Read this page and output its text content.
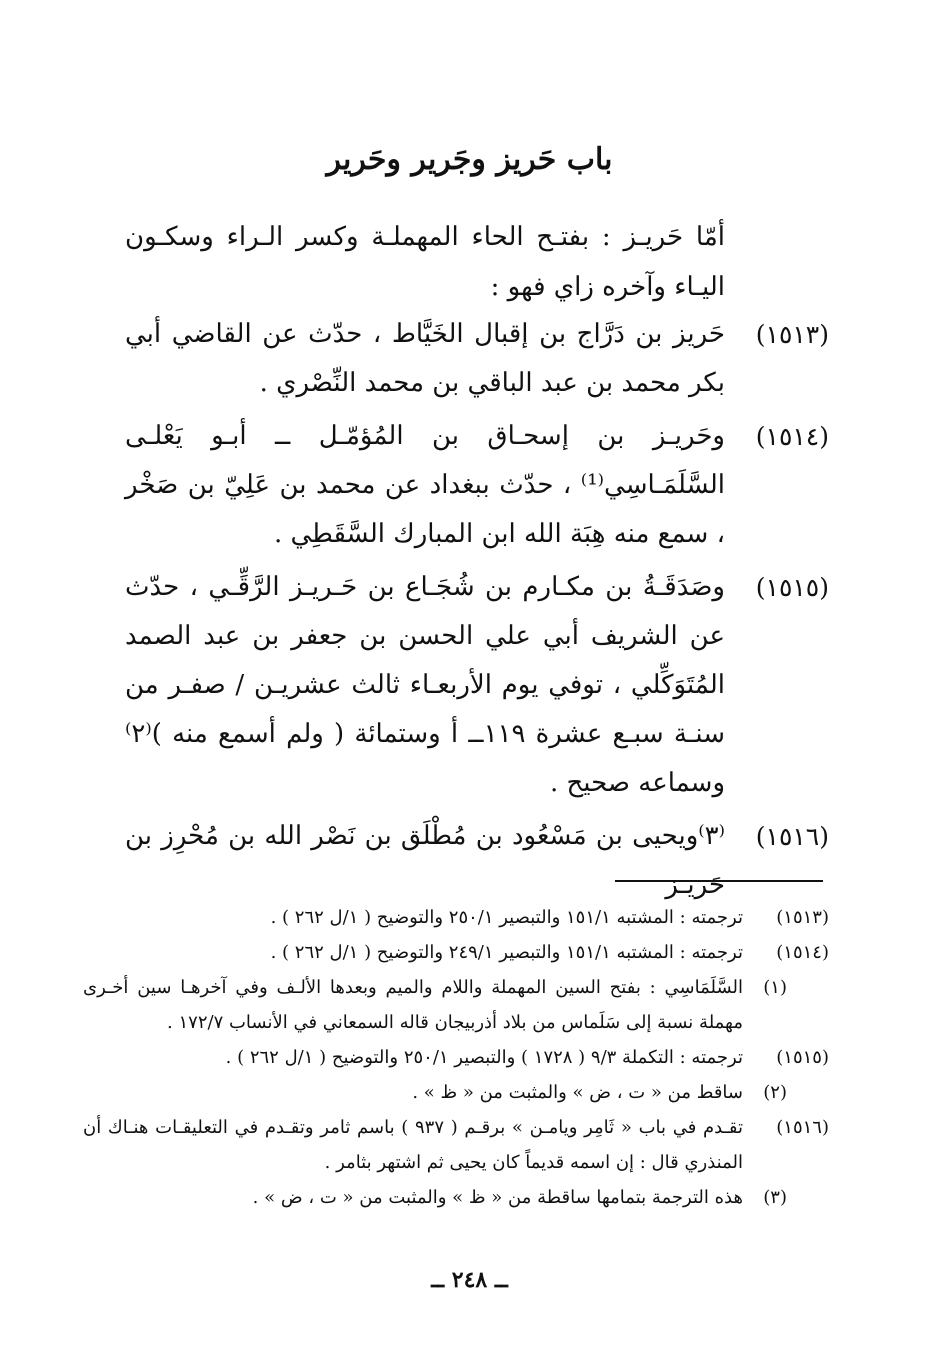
باب حَريز وجَرير وحَرير
أمّا حَريـز : بفتـح الحاء المهملـة وكسر الـراء وسكـون اليـاء وآخره زاي فهو :
(١٥١٣)
حَريز بن دَرَّاج بن إقبال الخَيَّاط ، حدّث عن القاضي أبي بكر محمد بن عبد الباقي بن محمد النِّصْري .
(١٥١٤)
وحَريـز بن إسحـاق بن المُؤمّـل ــ أبـو يَعْلـى السَّلَمَـاسِي⁽¹⁾ ، حدّث ببغداد عن محمد بن عَلِيّ بن صَخْر ، سمع منه هِبَة الله ابن المبارك السَّقَطِي .
(١٥١٥)
وصَدَقَـةُ بن مكـارم بن شُجَـاع بن حَـريـز الرَّقِّـي ، حدّث عن الشريف أبي علي الحسن بن جعفر بن عبد الصمد المُتَوَكِّلي ، توفي يوم الأربعـاء ثالث عشريـن / صفـر من سنـة سبـع عشرة ١١٩ــ أ وستمائة ( ولم أسمع منه )⁽٢⁾ وسماعه صحيح .
(١٥١٦)
⁽٣⁾ويحيى بن مَسْعُود بن مُطْلَق بن نَصْر الله بن مُحْرِز بن حَريـز
(١٥١٣)
ترجمته : المشتبه ١٥١/١ والتبصير ٢٥٠/١ والتوضيح ( ١/ل ٢٦٢ ) .
(١٥١٤)
ترجمته : المشتبه ١٥١/١ والتبصير ٢٤٩/١ والتوضيح ( ١/ل ٢٦٢ ) .
(١)
السَّلَمَاسِي : بفتح السين المهملة واللام والميم وبعدها الألـف وفي آخرهـا سين أخـرى مهملة نسبة إلى سَلَماس من بلاد أذربيجان قاله السمعاني في الأنساب ١٧٢/٧ .
(١٥١٥)
ترجمته : التكملة ٩/٣ ( ١٧٢٨ ) والتبصير ٢٥٠/١ والتوضيح ( ١/ل ٢٦٢ ) .
(٢)
ساقط من « ت ، ض » والمثبت من « ظ » .
(١٥١٦)
تقـدم في باب « ثَامِر ويامـن » برقـم ( ٩٣٧ ) باسم ثامر وتقـدم في التعليقـات هنـاك أن المنذري قال : إن اسمه قديماً كان يحيى ثم اشتهر بثامر .
(٣)
هذه الترجمة بتمامها ساقطة من « ظ » والمثبت من « ت ، ض » .
ــ ٢٤٨ ــ
